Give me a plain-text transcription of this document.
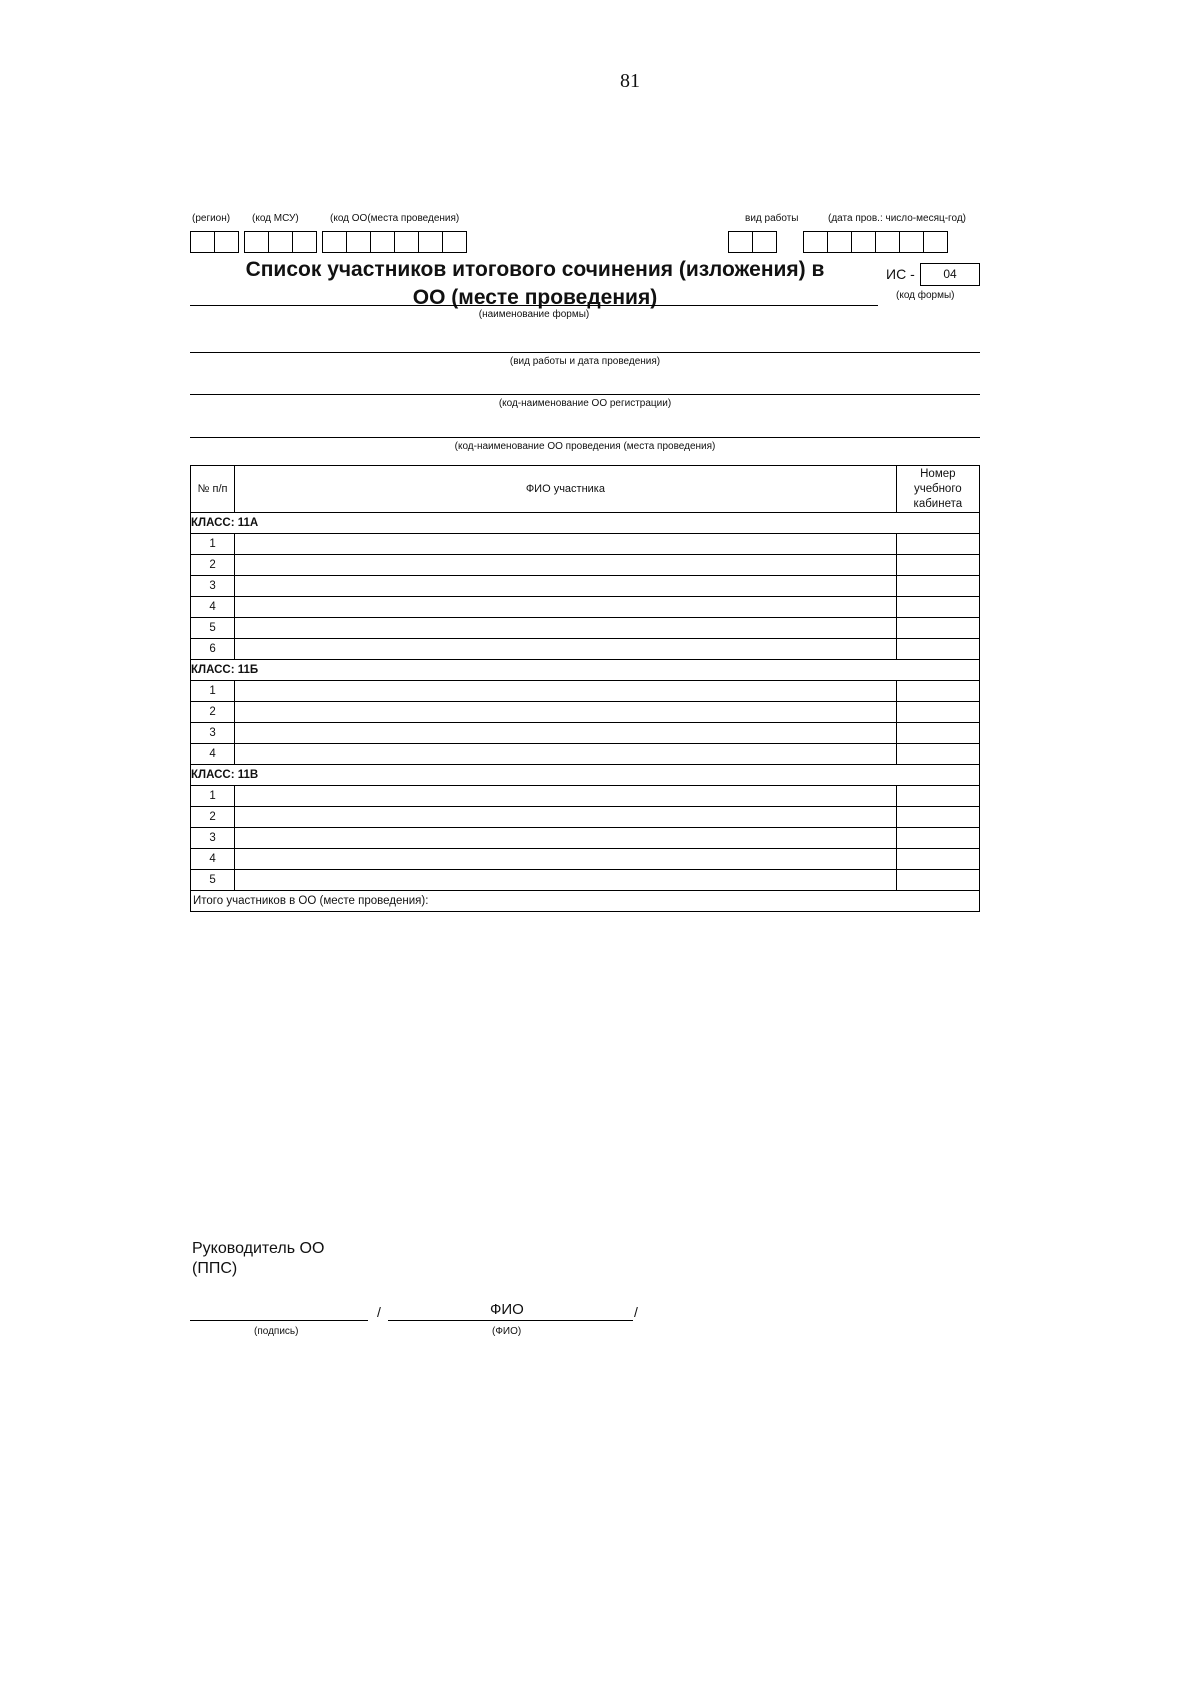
81
(регион) (код МСУ)	(код ОО(места проведения)	вид работы	(дата пров.: число-месяц-год)
Список участников итогового сочинения (изложения) в
ОО (месте проведения)
(наименование формы)
ИС -	04
(код формы)
(вид работы и дата проведения)
(код-наименование ОО регистрации)
(код-наименование ОО проведения (места проведения)
№ п/п	ФИО участника	Номер учебного кабинета
КЛАСС: 11А		
1		
2		
3		
4		
5		
6		
КЛАСС: 11Б		
1		
2		
3		
4		
КЛАСС: 11В		
1		
2		
3		
4		
5		
Итого участников в ОО (месте проведения):		
Руководитель ОО
(ППС)
/	ФИО	/
(подпись)	(ФИО)
